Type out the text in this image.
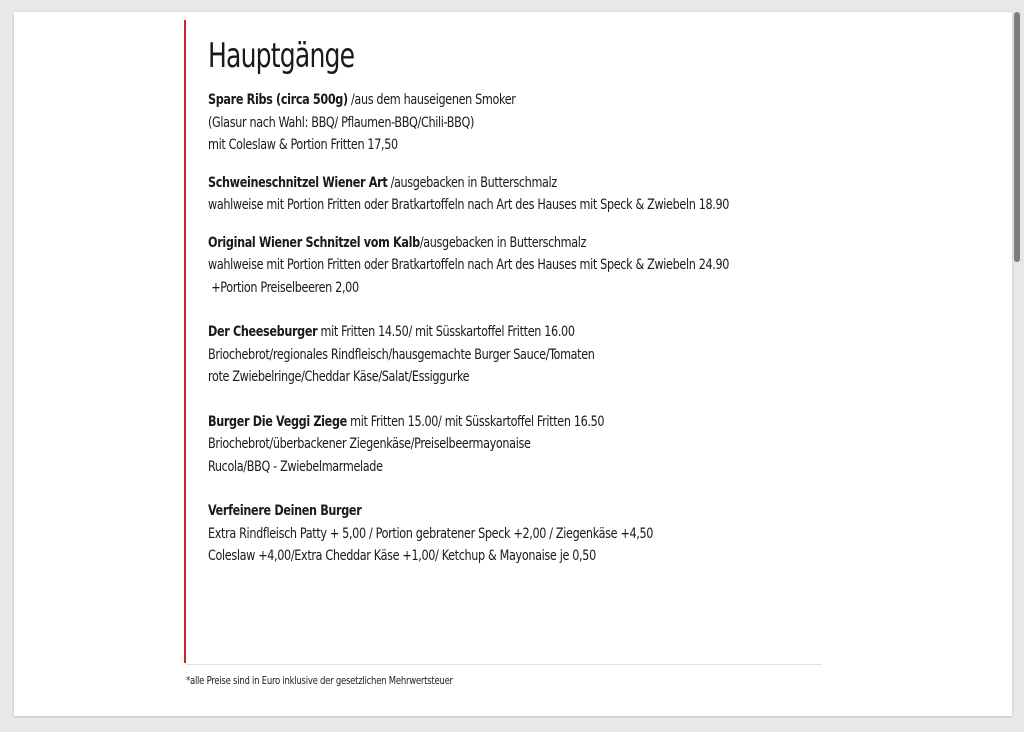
Hauptgänge
Spare Ribs (circa 500g) /aus dem hauseigenen Smoker
(Glasur nach Wahl: BBQ/ Pflaumen-BBQ/Chili-BBQ)
mit Coleslaw & Portion Fritten 17,50
Schweineschnitzel Wiener Art /ausgebacken in Butterschmalz
wahlweise mit Portion Fritten oder Bratkartoffeln nach Art des Hauses mit Speck & Zwiebeln 18.90
Original Wiener Schnitzel vom Kalb/ausgebacken in Butterschmalz
wahlweise mit Portion Fritten oder Bratkartoffeln nach Art des Hauses mit Speck & Zwiebeln 24.90
+Portion Preiselbeeren 2,00
Der Cheeseburger mit Fritten 14.50/ mit Süsskartoffel Fritten 16.00
Briochebrot/regionales Rindfleisch/hausgemachte Burger Sauce/Tomaten
rote Zwiebelringe/Cheddar Käse/Salat/Essiggurke
Burger Die Veggi Ziege mit Fritten 15.00/ mit Süsskartoffel Fritten 16.50
Briochebrot/überbackener Ziegenkäse/Preiselbeermayonaise
Rucola/BBQ - Zwiebelmarmelade
Verfeinere Deinen Burger
Extra Rindfleisch Patty + 5,00 / Portion gebratener Speck +2,00 / Ziegenkäse +4,50
Coleslaw +4,00/Extra Cheddar Käse +1,00/ Ketchup & Mayonaise je 0,50
*alle Preise sind in Euro inklusive der gesetzlichen Mehrwertsteuer
